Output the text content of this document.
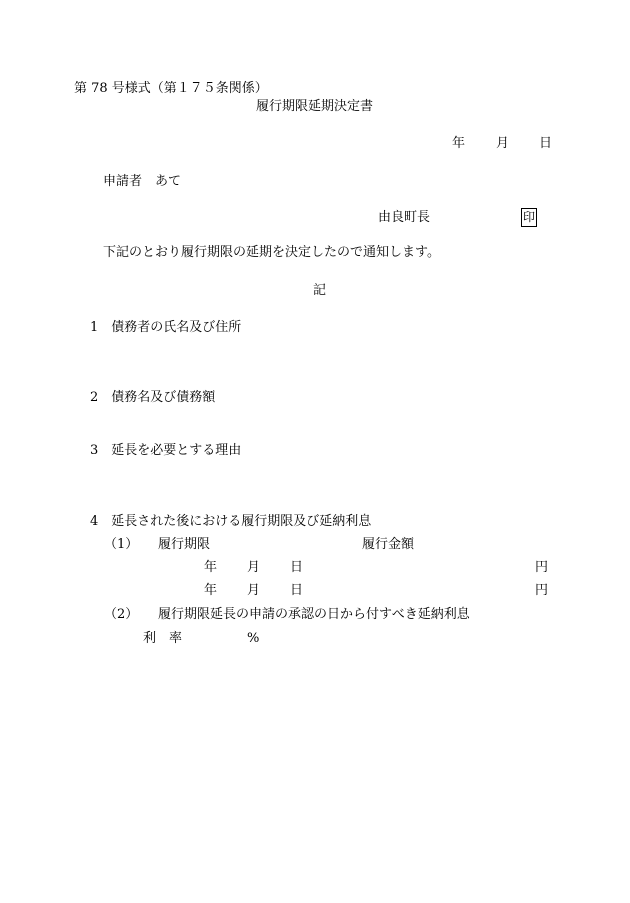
第 78 号様式（第１７５条関係）
履行期限延期決定書
年 月 日
申請者　あて
由良町長	印
下記のとおり履行期限の延期を決定したので通知します。
記
1　債務者の氏名及び住所
2　債務名及び債務額
3　延長を必要とする理由
4　延長された後における履行期限及び延納利息
（1） 履行期限	履行金額
年 月 日	円
年 月 日	円
（2） 履行期限延長の申請の承認の日から付すべき延納利息
利　率	%
